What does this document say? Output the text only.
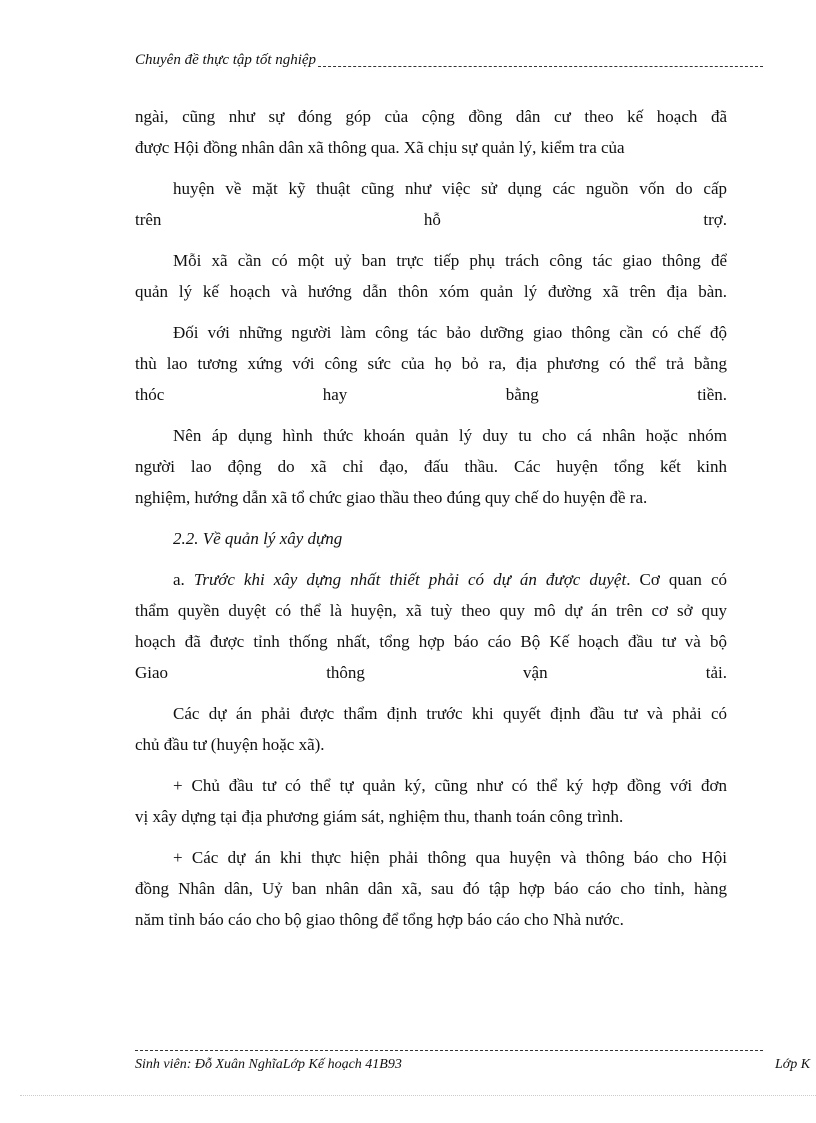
Chuyên đề thực tập tốt nghiệp
ngài, cũng như sự đóng góp của cộng đồng dân cư theo kế hoạch đã
được Hội đồng nhân dân xã thông qua. Xã chịu sự quản lý, kiểm tra của
huyện về mặt kỹ thuật cũng như việc sử dụng các nguồn vốn do cấp
trên hỗ trợ.
Mỗi xã cần có một uỷ ban trực tiếp phụ trách công tác giao thông để
quản lý kế hoạch và hướng dẫn thôn xóm quản lý đường xã trên địa bàn.
Đối với những người làm công tác bảo dưỡng giao thông cần có chế độ
thù lao tương xứng với công sức của họ bỏ ra, địa phương có thể trả bằng
thóc hay bằng tiền.
Nên áp dụng hình thức khoán quản lý duy tu cho cá nhân hoặc nhóm
người lao động do xã chỉ đạo, đấu thầu. Các huyện tổng kết kinh
nghiệm, hướng dẫn xã tổ chức giao thầu theo đúng quy chế do huyện đề ra.
2.2. Về quản lý xây dựng
a. Trước khi xây dựng nhất thiết phải có dự án được duyệt. Cơ quan có
thẩm quyền duyệt có thể là huyện, xã tuỳ theo quy mô dự án trên cơ sở quy
hoạch đã được tỉnh thống nhất, tổng hợp báo cáo Bộ Kế hoạch đầu tư và bộ
Giao thông vận tải.
Các dự án phải được thẩm định trước khi quyết định đầu tư và phải có
chủ đầu tư (huyện hoặc xã).
+ Chủ đầu tư có thể tự quản ký, cũng như có thể ký hợp đồng với đơn
vị xây dựng tại địa phương giám sát, nghiệm thu, thanh toán công trình.
+ Các dự án khi thực hiện phải thông qua huyện và thông báo cho Hội
đồng Nhân dân, Uỷ ban nhân dân xã, sau đó tập hợp báo cáo cho tỉnh, hàng
năm tỉnh báo cáo cho bộ giao thông để tổng hợp báo cáo cho Nhà nước.
Sinh viên: Đỗ Xuân NghĩaLớp Kế hoạch 41B93	Lớp K
